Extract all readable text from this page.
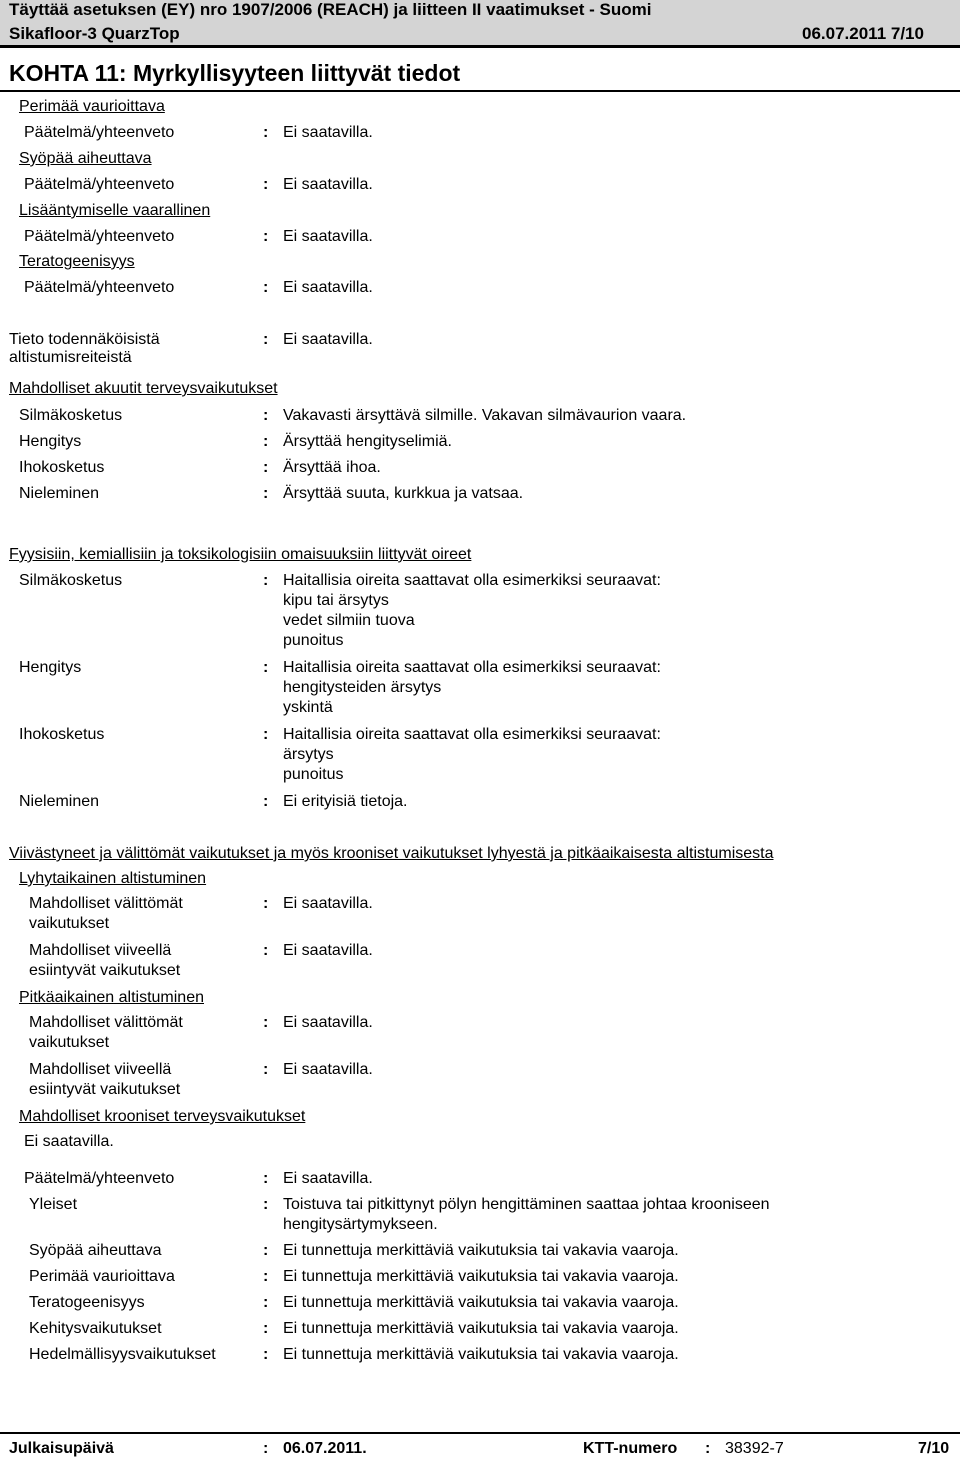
Täyttää asetuksen (EY) nro 1907/2006 (REACH) ja liitteen II vaatimukset - Suomi
Sikafloor-3 QuarzTop	06.07.2011 7/10
KOHTA 11: Myrkyllisyyteen liittyvät tiedot
Perimää vaurioittava
Päätelmä/yhteenveto	: Ei saatavilla.
Syöpää aiheuttava
Päätelmä/yhteenveto	: Ei saatavilla.
Lisääntymiselle vaarallinen
Päätelmä/yhteenveto	: Ei saatavilla.
Teratogeenisyys
Päätelmä/yhteenveto	: Ei saatavilla.
Tieto todennäköisistä
altistumisreiteistä
: Ei saatavilla.
Mahdolliset akuutit terveysvaikutukset
Silmäkosketus	: Vakavasti ärsyttävä silmille. Vakavan silmävaurion vaara.
Hengitys	: Ärsyttää hengityselimiä.
Ihokosketus	: Ärsyttää ihoa.
Nieleminen	: Ärsyttää suuta, kurkkua ja vatsaa.
Fyysisiin, kemiallisiin ja toksikologisiin omaisuuksiin liittyvät oireet
Silmäkosketus	: Haitallisia oireita saattavat olla esimerkiksi seuraavat:
kipu tai ärsytys
vedet silmiin tuova
punoitus
Hengitys	: Haitallisia oireita saattavat olla esimerkiksi seuraavat:
hengitysteiden ärsytys
yskintä
Ihokosketus	: Haitallisia oireita saattavat olla esimerkiksi seuraavat:
ärsytys
punoitus
Nieleminen	: Ei erityisiä tietoja.
Viivästyneet ja välittömät vaikutukset ja myös krooniset vaikutukset lyhyestä ja pitkäaikaisesta altistumisesta
Lyhytaikainen altistuminen
Mahdolliset välittömät
vaikutukset
: Ei saatavilla.
Mahdolliset viiveellä
esiintyvät vaikutukset
: Ei saatavilla.
Pitkäaikainen altistuminen
Mahdolliset välittömät
vaikutukset
: Ei saatavilla.
Mahdolliset viiveellä
esiintyvät vaikutukset
: Ei saatavilla.
Mahdolliset krooniset terveysvaikutukset
Ei saatavilla.
Päätelmä/yhteenveto	: Ei saatavilla.
Yleiset	: Toistuva tai pitkittynyt pölyn hengittäminen saattaa johtaa krooniseen
hengitysärtymykseen.
Syöpää aiheuttava	: Ei tunnettuja merkittäviä vaikutuksia tai vakavia vaaroja.
Perimää vaurioittava	: Ei tunnettuja merkittäviä vaikutuksia tai vakavia vaaroja.
Teratogeenisyys	: Ei tunnettuja merkittäviä vaikutuksia tai vakavia vaaroja.
Kehitysvaikutukset	: Ei tunnettuja merkittäviä vaikutuksia tai vakavia vaaroja.
Hedelmällisyysvaikutukset	: Ei tunnettuja merkittäviä vaikutuksia tai vakavia vaaroja.
Julkaisupäivä	: 06.07.2011.	KTT-numero : 38392-7	7/10
